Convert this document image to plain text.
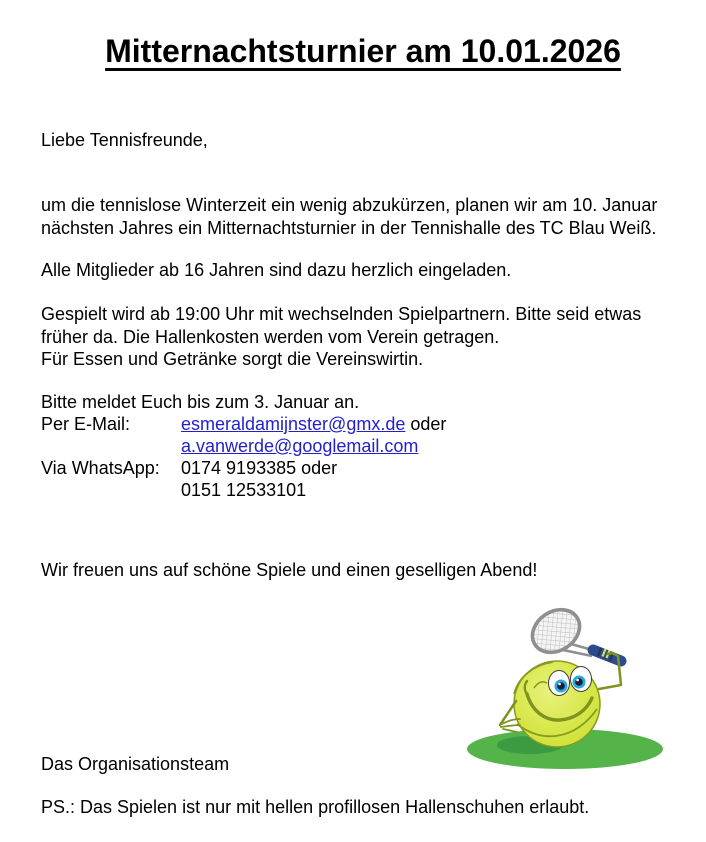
Mitternachtsturnier am 10.01.2026
Liebe Tennisfreunde,
um die tennislose Winterzeit ein wenig abzukürzen, planen wir am 10. Januar
nächsten Jahres ein Mitternachtsturnier in der Tennishalle des TC Blau Weiß.
Alle Mitglieder ab 16 Jahren sind dazu herzlich eingeladen.
Gespielt wird ab 19:00 Uhr mit wechselnden Spielpartnern. Bitte seid etwas
früher da. Die Hallenkosten werden vom Verein getragen.
Für Essen und Getränke sorgt die Vereinswirtin.
Bitte meldet Euch bis zum 3. Januar an.
Per E-Mail:	esmeraldamijnster@gmx.de oder
a.vanwerde@googlemail.com
Via WhatsApp:	0174 9193385 oder
0151 12533101
Wir freuen uns auf schöne Spiele und einen geselligen Abend!
Das Organisationsteam
PS.: Das Spielen ist nur mit hellen profillosen Hallenschuhen erlaubt.
